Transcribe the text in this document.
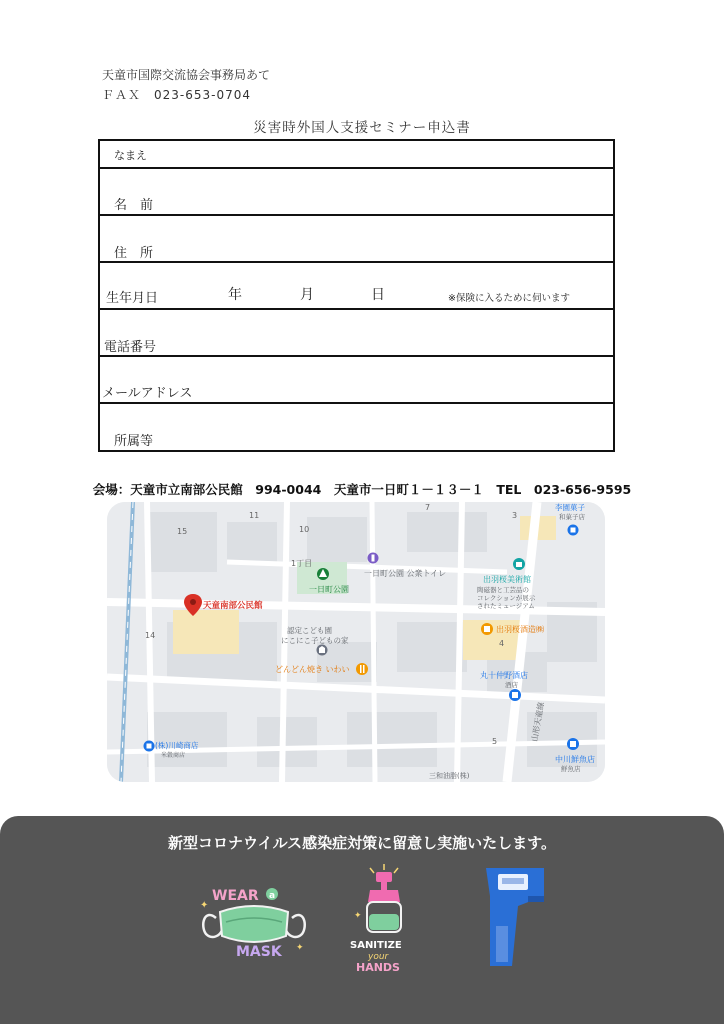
天童市国際交流協会事務局あて
ＦＡＸ　023-653-0704
災害時外国人支援セミナー申込書
なまえ
名　前
住　所
生年月日	年	月	日	※保険に入るために伺います
電話番号
メールアドレス
所属等
会場：天童市立南部公民館　994-0044　天童市一日町１－１３－１　TEL　023-656-9595
11
10
15
14
7
3
4
5
1丁目
天童南部公民館
一日町公園
一日町公園 公衆トイレ
認定こども園
にこにこ子どもの家
どんどん焼き いわい
出羽桜美術館
陶磁器と工芸品の
コレクションが展示
されたミュージアム
出羽桜酒造㈱
丸十仲野酒店
酒店
山形天童線
中川鮮魚店
鮮魚店
李園菓子
和菓子店
(株)川崎商店
米穀商店
三和油脂(株)
新型コロナウイルス感染症対策に留意し実施いたします。
WEAR a
MASK
✦
✦
✦
SANITIZE
your
HANDS
